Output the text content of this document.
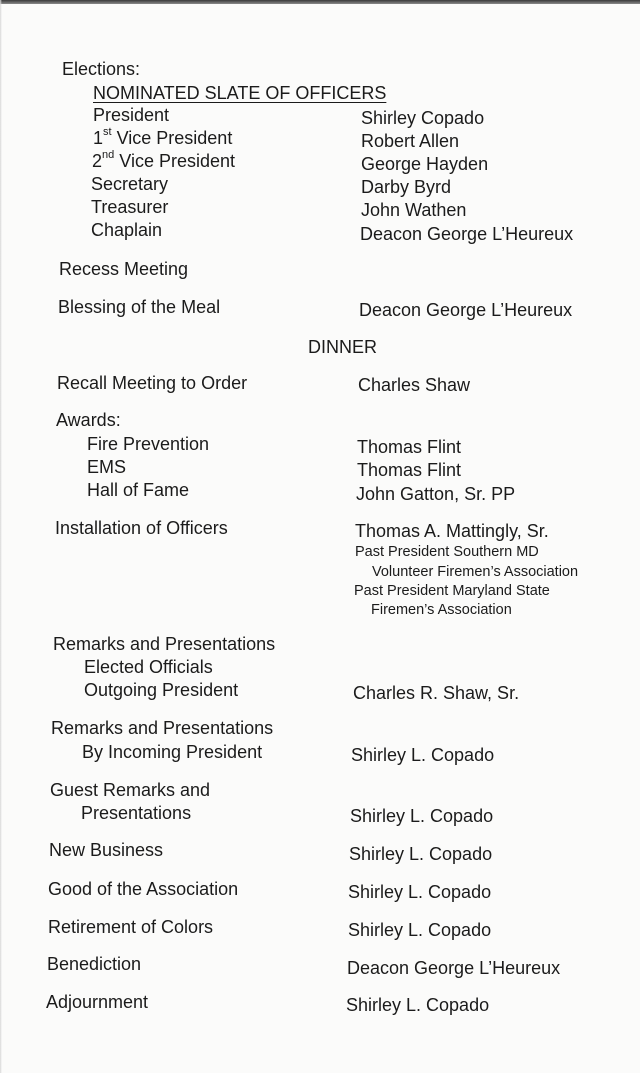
Elections:
NOMINATED SLATE OF OFFICERS
President	Shirley Copado
1st Vice President	Robert Allen
2nd Vice President	George Hayden
Secretary	Darby Byrd
Treasurer	John Wathen
Chaplain	Deacon George L’Heureux
Recess Meeting
Blessing of the Meal	Deacon George L’Heureux
DINNER
Recall Meeting to Order	Charles Shaw
Awards:
Fire Prevention	Thomas Flint
EMS	Thomas Flint
Hall of Fame	John Gatton, Sr. PP
Installation of Officers	Thomas A. Mattingly, Sr.
Past President Southern MD
Volunteer Firemen’s Association
Past President Maryland State
Firemen’s Association
Remarks and Presentations
Elected Officials
Outgoing President	Charles R. Shaw, Sr.
Remarks and Presentations
By Incoming President	Shirley L. Copado
Guest Remarks and
Presentations	Shirley L. Copado
New Business	Shirley L. Copado
Good of the Association	Shirley L. Copado
Retirement of Colors	Shirley L. Copado
Benediction	Deacon George L’Heureux
Adjournment	Shirley L. Copado
